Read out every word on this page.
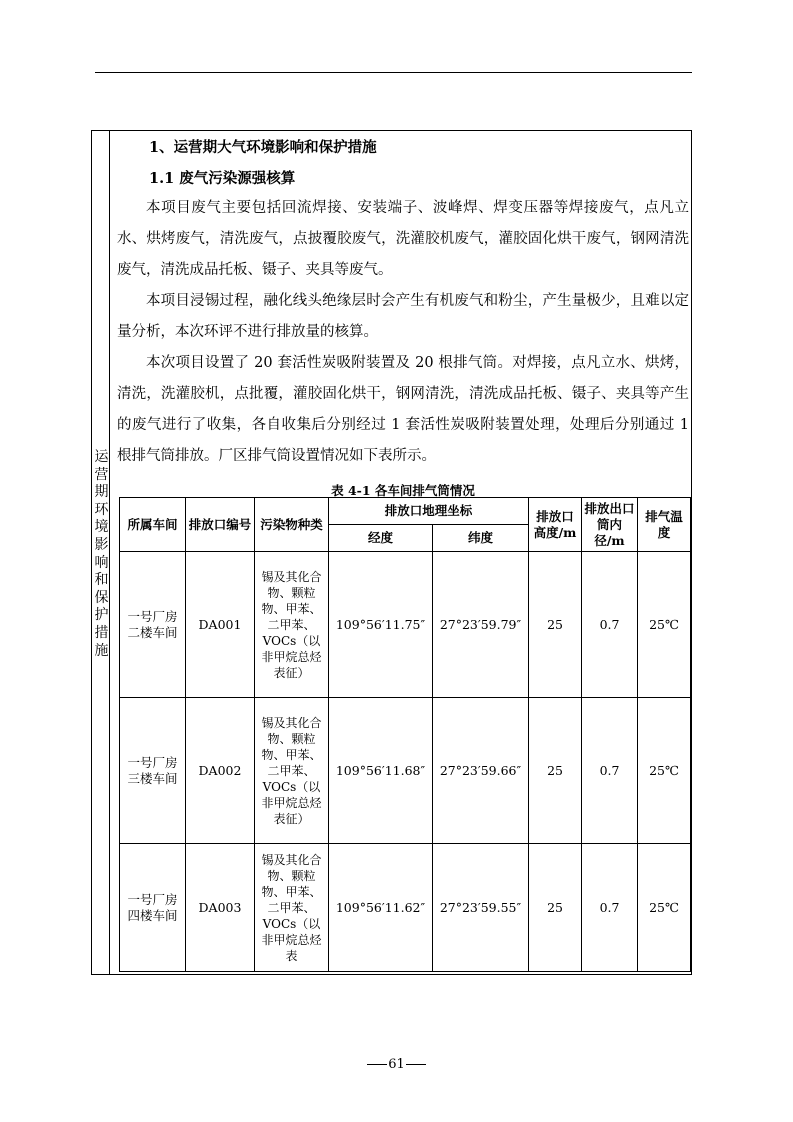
运营期环境影响和保护措施
1、运营期大气环境影响和保护措施
1.1 废气污染源强核算
本项目废气主要包括回流焊接、安装端子、波峰焊、焊变压器等焊接废气，点凡立水、烘烤废气，清洗废气，点披覆胶废气，洗灌胶机废气，灌胶固化烘干废气，钢网清洗废气，清洗成品托板、镊子、夹具等废气。
本项目浸锡过程，融化线头绝缘层时会产生有机废气和粉尘，产生量极少，且难以定量分析，本次环评不进行排放量的核算。
本次项目设置了 20 套活性炭吸附装置及 20 根排气筒。对焊接，点凡立水、烘烤，清洗，洗灌胶机，点批覆，灌胶固化烘干，钢网清洗，清洗成品托板、镊子、夹具等产生的废气进行了收集，各自收集后分别经过 1 套活性炭吸附装置处理，处理后分别通过 1 根排气筒排放。厂区排气筒设置情况如下表所示。
表 4-1 各车间排气筒情况
所属车间	排放口编号	污染物种类	排放口地理坐标		排放口高度/m	排放出口筒内径/m	排气温度
			经度	纬度			
一号厂房二楼车间	DA001	锡及其化合物、颗粒物、甲苯、二甲苯、VOCs（以非甲烷总烃表征）	109°56′11.75″	27°23′59.79″	25	0.7	25℃
一号厂房三楼车间	DA002	锡及其化合物、颗粒物、甲苯、二甲苯、VOCs（以非甲烷总烃表征）	109°56′11.68″	27°23′59.66″	25	0.7	25℃
一号厂房四楼车间	DA003	锡及其化合物、颗粒物、甲苯、二甲苯、VOCs（以非甲烷总烃表	109°56′11.62″	27°23′59.55″	25	0.7	25℃
61
